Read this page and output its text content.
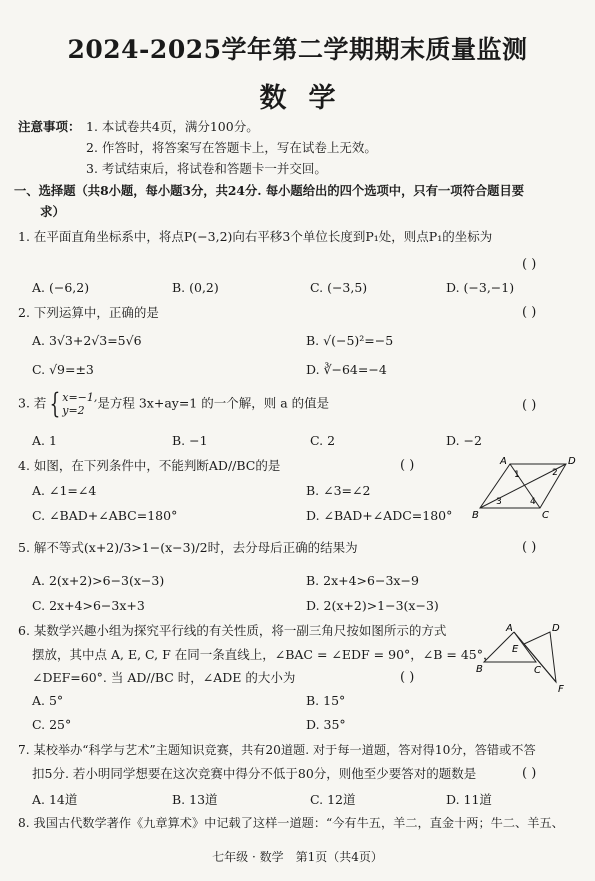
2024-2025学年第二学期期末质量监测
数学
注意事项： 1. 本试卷共4页，满分100分。
2. 作答时，将答案写在答题卡上，写在试卷上无效。
3. 考试结束后，将试卷和答题卡一并交回。
一、选择题（共8小题，每小题3分，共24分. 每小题给出的四个选项中，只有一项符合题目要
求）
1. 在平面直角坐标系中，将点P(−3,2)向右平移3个单位长度到P₁处，则点P₁的坐标为
( )
A. (−6,2)	B. (0,2)	C. (−3,5)	D. (−3,−1)
2. 下列运算中，正确的是	( )
A. 3√3+2√3=5√6	B. √(−5)²=−5
C. √9=±3	D. ∛−64=−4
3. 若 { x=−1,
y=2 是方程 3x+ay=1 的一个解，则 a 的值是	( )
A. 1	B. −1	C. 2	D. −2
4. 如图，在下列条件中，不能判断AD//BC的是	( )
A. ∠1=∠4	B. ∠3=∠2
C. ∠BAD+∠ABC=180°	D. ∠BAD+∠ADC=180°
A	D
B	C
1	2
3	4
5. 解不等式(x+2)/3>1−(x−3)/2时，去分母后正确的结果为	( )
A. 2(x+2)>6−3(x−3)	B. 2x+4>6−3x−9
C. 2x+4>6−3x+3	D. 2(x+2)>1−3(x−3)
6. 某数学兴趣小组为探究平行线的有关性质，将一副三角尺按如图所示的方式
摆放，其中点 A, E, C, F 在同一条直线上，∠BAC = ∠EDF = 90°，∠B = 45°，
∠DEF=60°. 当 AD//BC 时，∠ADE 的大小为	( )
A. 5°	B. 15°
C. 25°	D. 35°
A	D
E
B	C
F
7. 某校举办“科学与艺术”主题知识竞赛，共有20道题. 对于每一道题，答对得10分，答错或不答
扣5分. 若小明同学想要在这次竞赛中得分不低于80分，则他至少要答对的题数是	( )
A. 14道	B. 13道	C. 12道	D. 11道
8. 我国古代数学著作《九章算术》中记载了这样一道题：“今有牛五，羊二，直金十两；牛二、羊五、
七年级 · 数学　第1页（共4页）
